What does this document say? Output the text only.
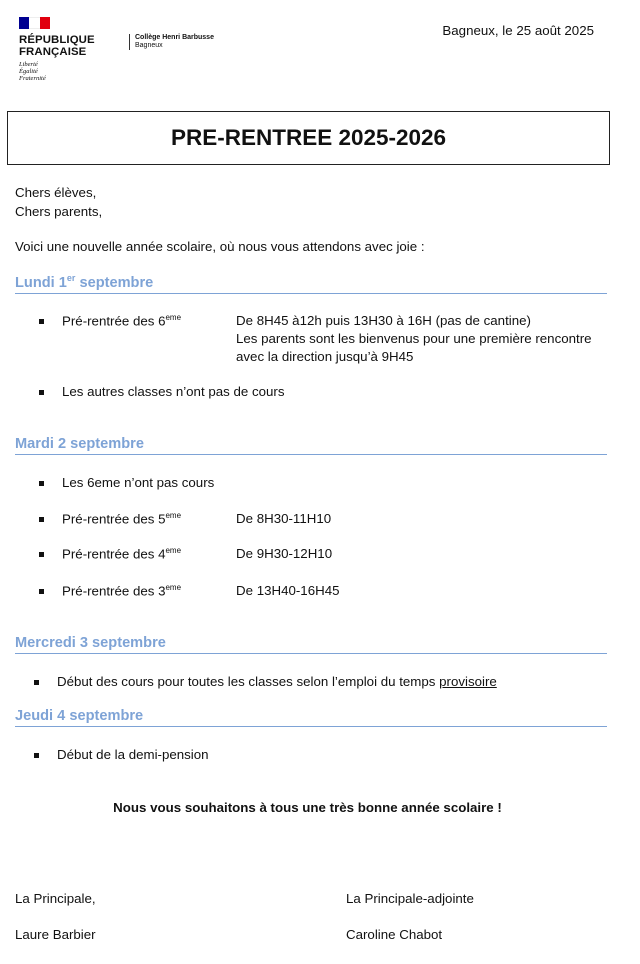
RÉPUBLIQUE
FRANÇAISE
Liberté
Égalité
Fraternité
Collège Henri Barbusse
Bagneux
Bagneux, le 25 août 2025
PRE-RENTREE 2025-2026
Chers élèves,
Chers parents,
Voici une nouvelle année scolaire, où nous vous attendons avec joie :
Lundi 1er septembre
Pré-rentrée des 6eme	De 8H45 à12h puis 13H30 à 16H (pas de cantine)
Les parents sont les bienvenus pour une première rencontre
avec la direction jusqu’à 9H45
Les autres classes n’ont pas de cours
Mardi 2 septembre
Les 6eme n’ont pas cours
Pré-rentrée des 5eme	De 8H30-11H10
Pré-rentrée des 4eme	De 9H30-12H10
Pré-rentrée des 3eme	De 13H40-16H45
Mercredi 3 septembre
Début des cours pour toutes les classes selon l’emploi du temps provisoire
Jeudi 4 septembre
Début de la demi-pension
Nous vous souhaitons à tous une très bonne année scolaire !
La Principale,
Laure Barbier
La Principale-adjointe
Caroline Chabot
